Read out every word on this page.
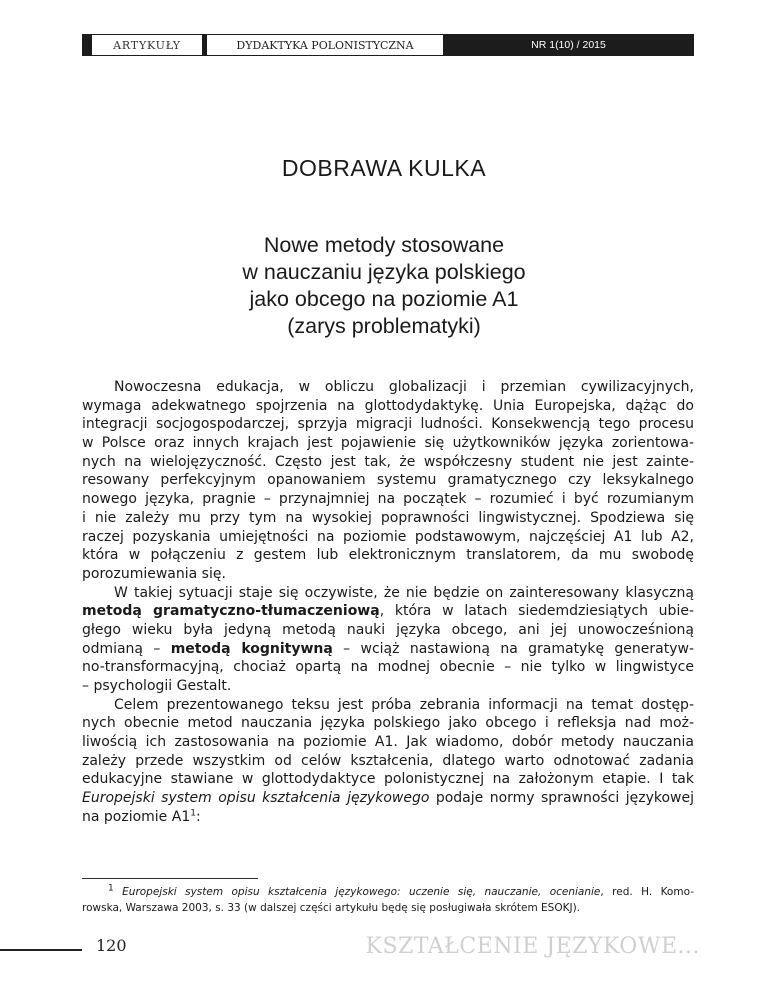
ARTYKUŁY	DYDAKTYKA POLONISTYCZNA	NR 1(10) / 2015
DOBRAWA KULKA
Nowe metody stosowane
w nauczaniu języka polskiego
jako obcego na poziomie A1
(zarys problematyki)
Nowoczesna edukacja, w obliczu globalizacji i przemian cywilizacyjnych,
wymaga adekwatnego spojrzenia na glottodydaktykę. Unia Europejska, dążąc do
integracji socjogospodarczej, sprzyja migracji ludności. Konsekwencją tego procesu
w Polsce oraz innych krajach jest pojawienie się użytkowników języka zorientowa-
nych na wielojęzyczność. Często jest tak, że współczesny student nie jest zainte-
resowany perfekcyjnym opanowaniem systemu gramatycznego czy leksykalnego
nowego języka, pragnie – przynajmniej na początek – rozumieć i być rozumianym
i nie zależy mu przy tym na wysokiej poprawności lingwistycznej. Spodziewa się
raczej pozyskania umiejętności na poziomie podstawowym, najczęściej A1 lub A2,
która w połączeniu z gestem lub elektronicznym translatorem, da mu swobodę
porozumiewania się.
W takiej sytuacji staje się oczywiste, że nie będzie on zainteresowany klasyczną
metodą gramatyczno-tłumaczeniową, która w latach siedemdziesiątych ubie-
głego wieku była jedyną metodą nauki języka obcego, ani jej unowocześnioną
odmianą – metodą kognitywną – wciąż nastawioną na gramatykę generatyw-
no-transformacyjną, chociaż opartą na modnej obecnie – nie tylko w lingwistyce
– psychologii Gestalt.
Celem prezentowanego teksu jest próba zebrania informacji na temat dostęp-
nych obecnie metod nauczania języka polskiego jako obcego i refleksja nad moż-
liwością ich zastosowania na poziomie A1. Jak wiadomo, dobór metody nauczania
zależy przede wszystkim od celów kształcenia, dlatego warto odnotować zadania
edukacyjne stawiane w glottodydaktyce polonistycznej na założonym etapie. I tak
Europejski system opisu kształcenia językowego podaje normy sprawności językowej
na poziomie $A1^1$:
1 Europejski system opisu kształcenia językowego: uczenie się, nauczanie, ocenianie, red. H. Komo-
rowska, Warszawa 2003, s. 33 (w dalszej części artykułu będę się posługiwała skrótem ESOKJ).
120	KSZTAŁCENIE JĘZYKOWE...
